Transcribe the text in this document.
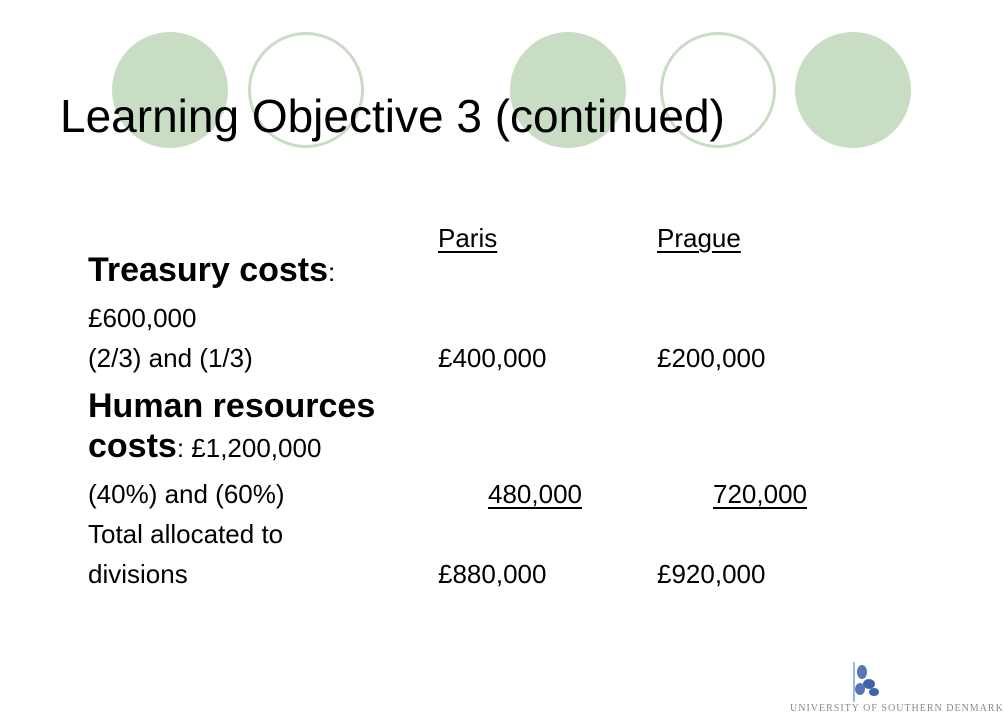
Learning Objective 3 (continued)
Paris	Prague
Treasury costs:
£600,000
(2/3) and (1/3)	£400,000	£200,000
Human resources
costs: £1,200,000
(40%) and (60%)	480,000	720,000
Total allocated to
divisions	£880,000	£920,000
UNIVERSITY OF SOUTHERN DENMARK
